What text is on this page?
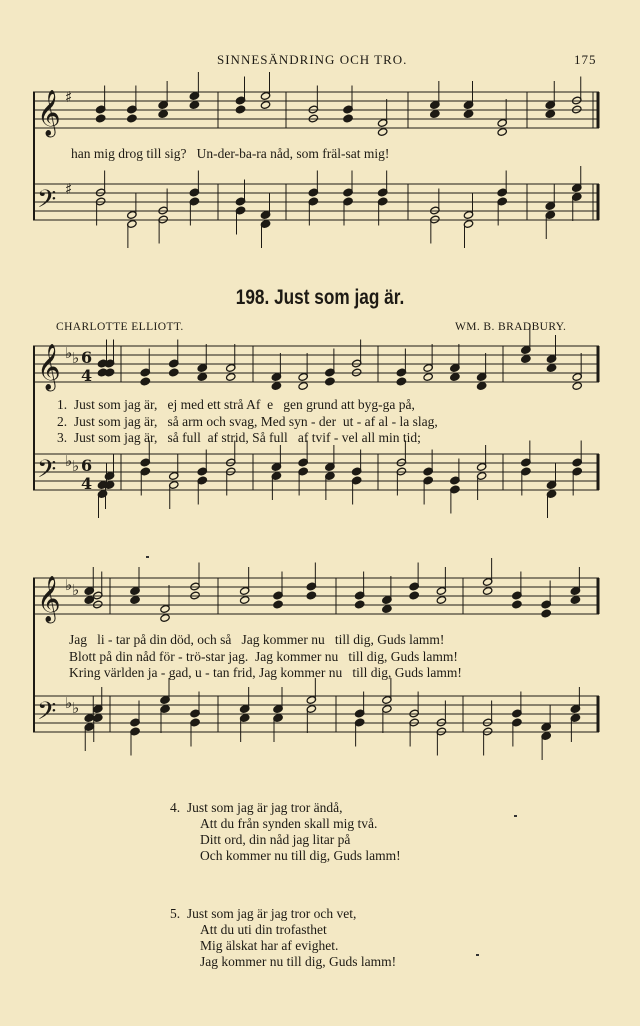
SINNESÄNDRING OCH TRO.	175
𝄞 ♯
𝄢 ♯
han mig drog till sig?   Un-der-ba-ra nåd, som fräl-sat mig!
198. Just som jag är.
CHARLOTTE ELLIOTT.	WM. B. BRADBURY.
𝄞 ♭ ♭ 6
4
𝄢 ♭ ♭ 6
4
1.  Just som jag är,   ej med ett strå Af  e   gen grund att byg-ga på,
2.  Just som jag är,   så arm och svag, Med syn - der  ut - af al - la slag,
3.  Just som jag är,   så full  af strid, Så full   af tvif - vel all min tid;
𝄞 ♭ ♭
𝄢 ♭ ♭
Jag   li - tar på din död, och så   Jag kommer nu   till dig, Guds lamm!
Blott på din nåd för - trö-star jag.  Jag kommer nu   till dig, Guds lamm!
Kring världen ja - gad, u - tan frid, Jag kommer nu   till dig, Guds lamm!
4. Just som jag är jag tror ändå,
Att du från synden skall mig två.
Ditt ord, din nåd jag litar på
Och kommer nu till dig, Guds lamm!
5. Just som jag är jag tror och vet,
Att du uti din trofasthet
Mig älskat har af evighet.
Jag kommer nu till dig, Guds lamm!
